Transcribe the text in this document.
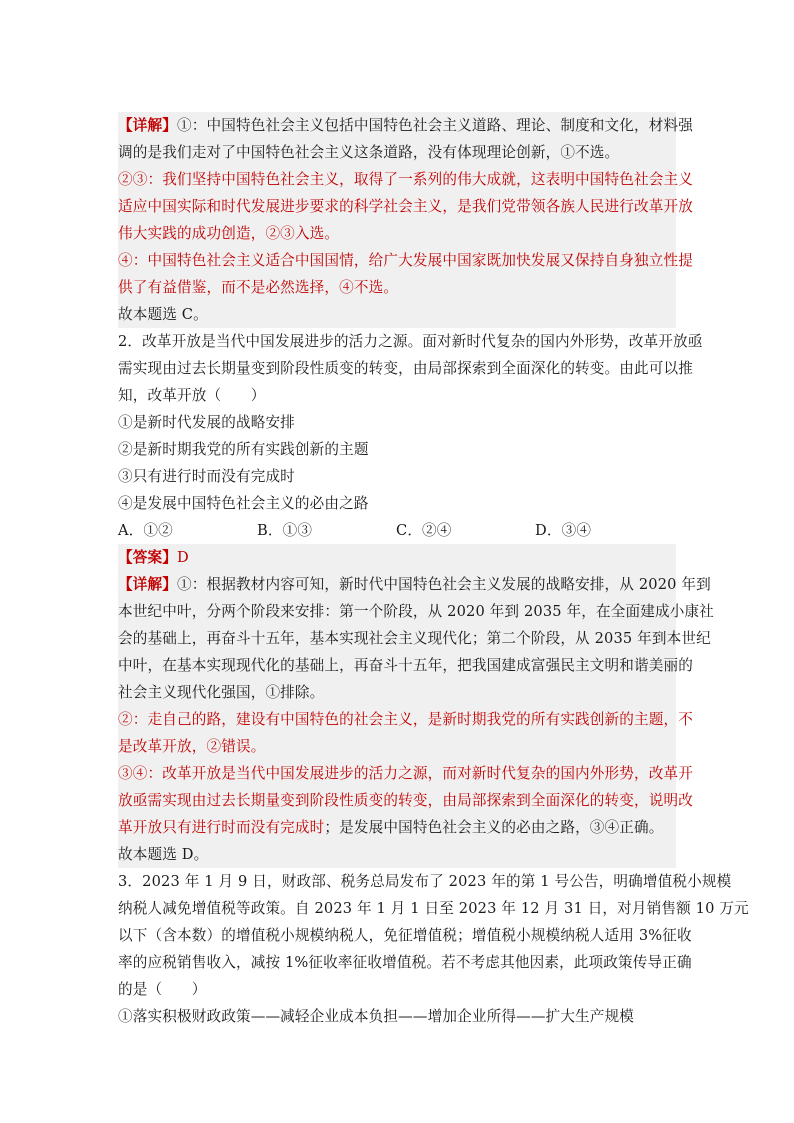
【详解】①：中国特色社会主义包括中国特色社会主义道路、理论、制度和文化，材料强
调的是我们走对了中国特色社会主义这条道路，没有体现理论创新，①不选。
②③：我们坚持中国特色社会主义，取得了一系列的伟大成就，这表明中国特色社会主义
适应中国实际和时代发展进步要求的科学社会主义，是我们党带领各族人民进行改革开放
伟大实践的成功创造，②③入选。
④：中国特色社会主义适合中国国情，给广大发展中国家既加快发展又保持自身独立性提
供了有益借鉴，而不是必然选择，④不选。
故本题选 C。
2．改革开放是当代中国发展进步的活力之源。面对新时代复杂的国内外形势，改革开放亟
需实现由过去长期量变到阶段性质变的转变，由局部探索到全面深化的转变。由此可以推
知，改革开放（　　）
①是新时代发展的战略安排
②是新时期我党的所有实践创新的主题
③只有进行时而没有完成时
④是发展中国特色社会主义的必由之路
A．①②	B．①③	C．②④	D．③④
【答案】D
【详解】①：根据教材内容可知，新时代中国特色社会主义发展的战略安排，从 2020 年到
本世纪中叶，分两个阶段来安排：第一个阶段，从 2020 年到 2035 年，在全面建成小康社
会的基础上，再奋斗十五年，基本实现社会主义现代化；第二个阶段，从 2035 年到本世纪
中叶，在基本实现现代化的基础上，再奋斗十五年，把我国建成富强民主文明和谐美丽的
社会主义现代化强国，①排除。
②：走自己的路，建设有中国特色的社会主义，是新时期我党的所有实践创新的主题，不
是改革开放，②错误。
③④：改革开放是当代中国发展进步的活力之源，而对新时代复杂的国内外形势，改革开
放亟需实现由过去长期量变到阶段性质变的转变，由局部探索到全面深化的转变，说明改
革开放只有进行时而没有完成时；是发展中国特色社会主义的必由之路，③④正确。
故本题选 D。
3．2023 年 1 月 9 日，财政部、税务总局发布了 2023 年的第 1 号公告，明确增值税小规模
纳税人减免增值税等政策。自 2023 年 1 月 1 日至 2023 年 12 月 31 日，对月销售额 10 万元
以下（含本数）的增值税小规模纳税人，免征增值税；增值税小规模纳税人适用 3%征收
率的应税销售收入，减按 1%征收率征收增值税。若不考虑其他因素，此项政策传导正确
的是（　　）
①落实积极财政政策——减轻企业成本负担——增加企业所得——扩大生产规模
